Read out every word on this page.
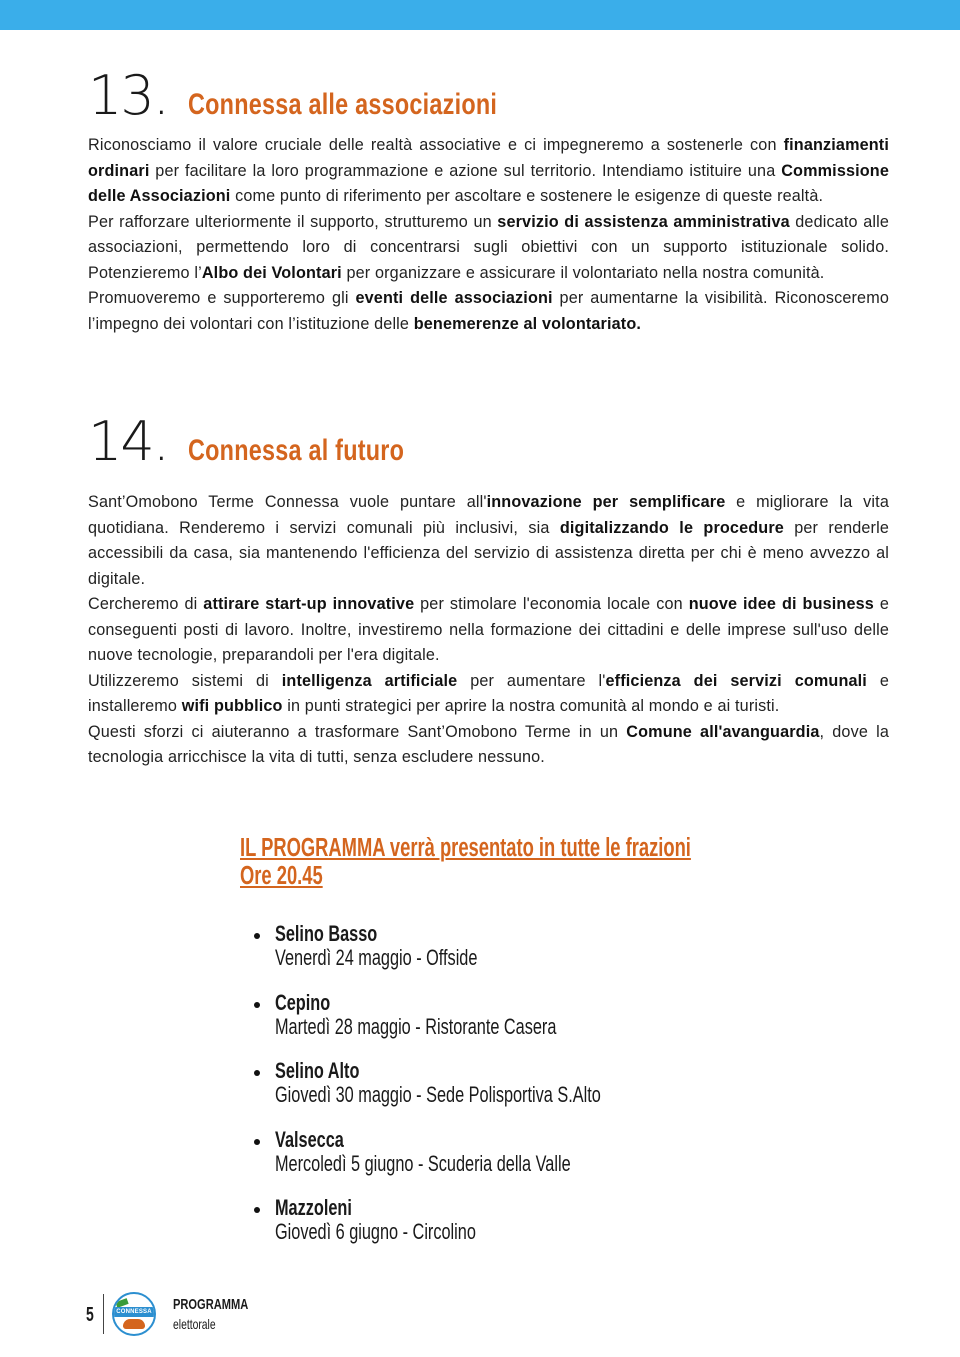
13. Connessa alle associazioni
Riconosciamo il valore cruciale delle realtà associative e ci impegneremo a sostenerle con finanziamenti ordinari per facilitare la loro programmazione e azione sul territorio. Intendiamo istituire una Commissione delle Associazioni come punto di riferimento per ascoltare e sostenere le esigenze di queste realtà.
Per rafforzare ulteriormente il supporto, strutturemo un servizio di assistenza amministrativa dedicato alle associazioni, permettendo loro di concentrarsi sugli obiettivi con un supporto istituzionale solido. Potenzieremo l’Albo dei Volontari per organizzare e assicurare il volontariato nella nostra comunità.
Promuoveremo e supporteremo gli eventi delle associazioni per aumentarne la visibilità. Riconosceremo l’impegno dei volontari con l’istituzione delle benemerenze al volontariato.
14. Connessa al futuro
Sant’Omobono Terme Connessa vuole puntare all'innovazione per semplificare e migliorare la vita quotidiana. Renderemo i servizi comunali più inclusivi, sia digitalizzando le procedure per renderle accessibili da casa, sia mantenendo l'efficienza del servizio di assistenza diretta per chi è meno avvezzo al digitale.
Cercheremo di attirare start-up innovative per stimolare l'economia locale con nuove idee di business e conseguenti posti di lavoro. Inoltre, investiremo nella formazione dei cittadini e delle imprese sull'uso delle nuove tecnologie, preparandoli per l'era digitale.
Utilizzeremo sistemi di intelligenza artificiale per aumentare l'efficienza dei servizi comunali e installeremo wifi pubblico in punti strategici per aprire la nostra comunità al mondo e ai turisti.
Questi sforzi ci aiuteranno a trasformare Sant’Omobono Terme in un Comune all'avanguardia, dove la tecnologia arricchisce la vita di tutti, senza escludere nessuno.
IL PROGRAMMA verrà presentato in tutte le frazioni
Ore 20.45
Selino Basso
Venerdì 24 maggio - Offside
Cepino
Martedì 28 maggio - Ristorante Casera
Selino Alto
Giovedì 30 maggio - Sede Polisportiva S.Alto
Valsecca
Mercoledì 5 giugno - Scuderia della Valle
Mazzoleni
Giovedì 6 giugno - Circolino
5	CONNESSA PROGRAMMA
elettorale
